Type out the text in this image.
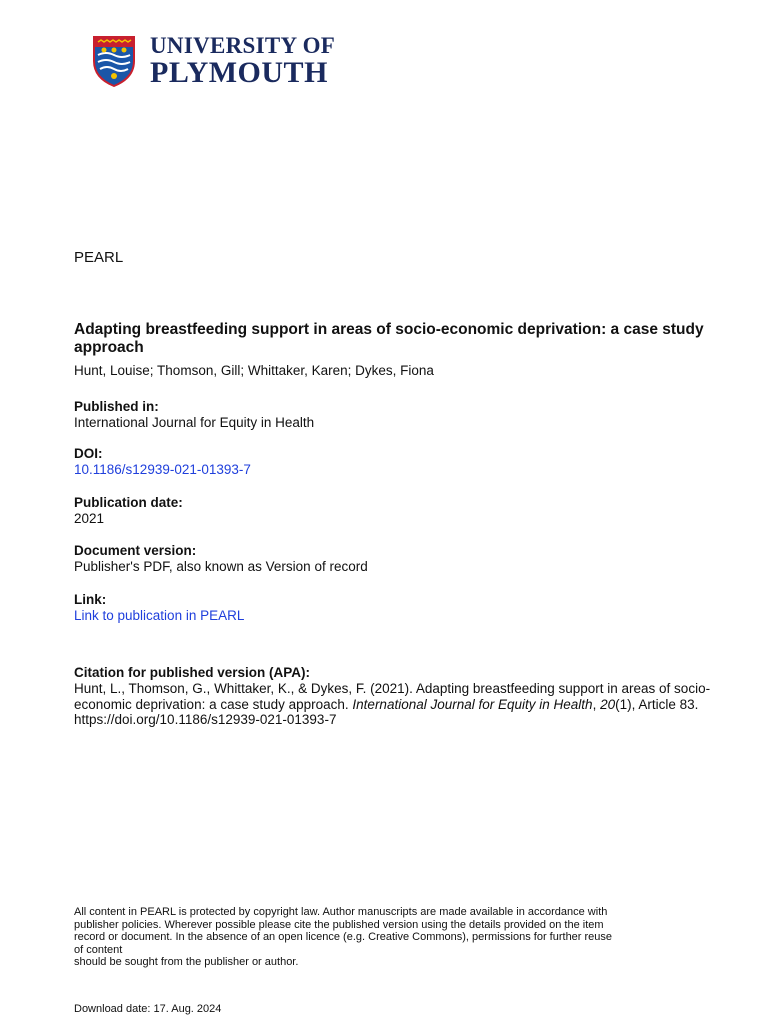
UNIVERSITY OF
PLYMOUTH
PEARL
Adapting breastfeeding support in areas of socio-economic deprivation: a case study approach
Hunt, Louise; Thomson, Gill; Whittaker, Karen; Dykes, Fiona
Published in:
International Journal for Equity in Health
DOI:
10.1186/s12939-021-01393-7
Publication date:
2021
Document version:
Publisher's PDF, also known as Version of record
Link:
Link to publication in PEARL
Citation for published version (APA):
Hunt, L., Thomson, G., Whittaker, K., & Dykes, F. (2021). Adapting breastfeeding support in areas of socio-economic deprivation: a case study approach. International Journal for Equity in Health, 20(1), Article 83. https://doi.org/10.1186/s12939-021-01393-7
All content in PEARL is protected by copyright law. Author manuscripts are made available in accordance with
publisher policies. Wherever possible please cite the published version using the details provided on the item
record or document. In the absence of an open licence (e.g. Creative Commons), permissions for further reuse
of content
should be sought from the publisher or author.
Download date: 17. Aug. 2024
